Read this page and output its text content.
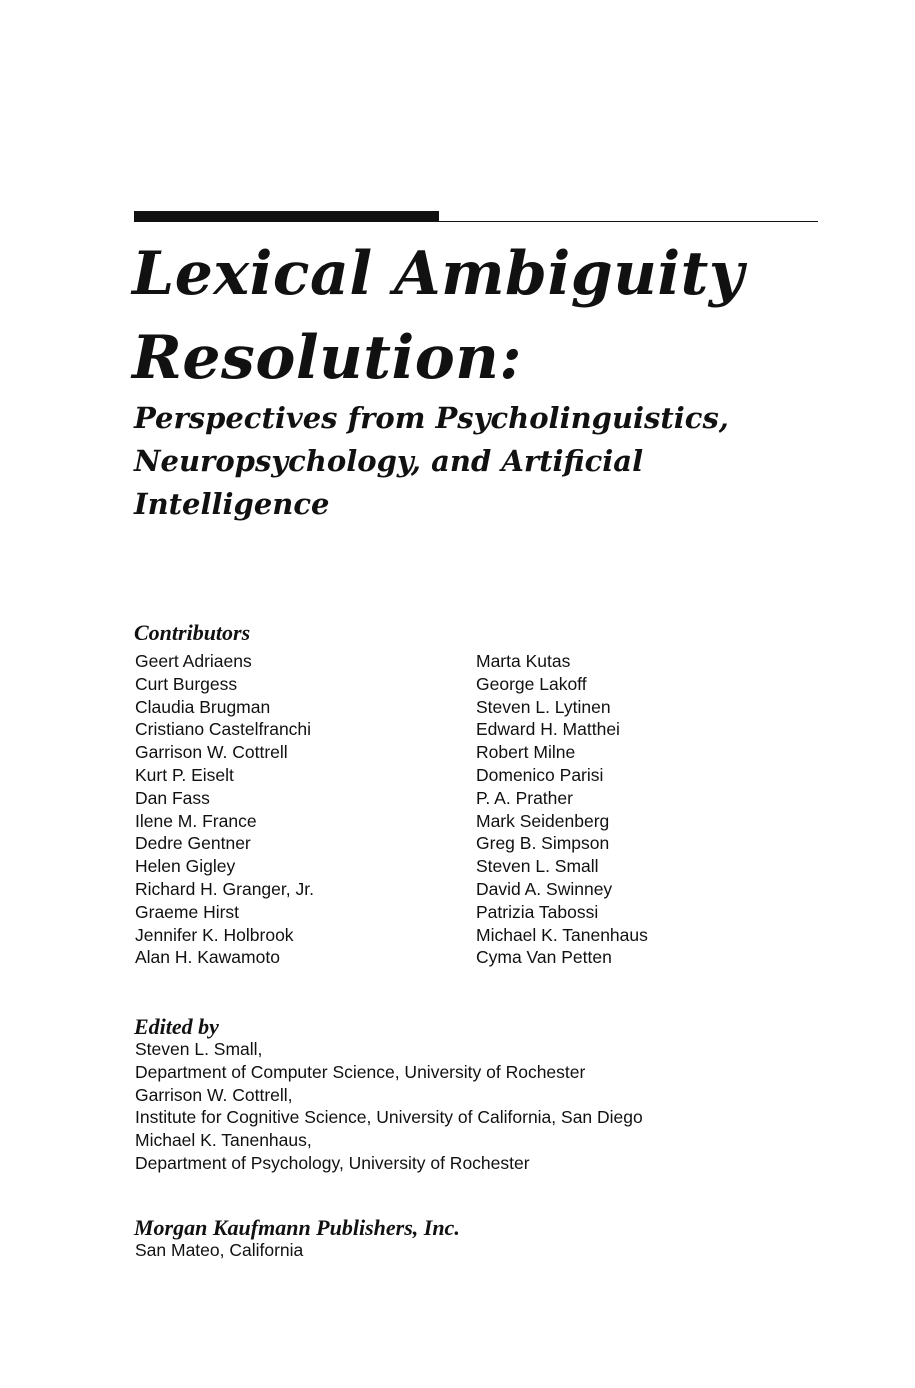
Lexical Ambiguity
Resolution:
Perspectives from Psycholinguistics,
Neuropsychology, and Artificial
Intelligence
Contributors
Geert Adriaens
Curt Burgess
Claudia Brugman
Cristiano Castelfranchi
Garrison W. Cottrell
Kurt P. Eiselt
Dan Fass
Ilene M. France
Dedre Gentner
Helen Gigley
Richard H. Granger, Jr.
Graeme Hirst
Jennifer K. Holbrook
Alan H. Kawamoto
Marta Kutas
George Lakoff
Steven L. Lytinen
Edward H. Matthei
Robert Milne
Domenico Parisi
P. A. Prather
Mark Seidenberg
Greg B. Simpson
Steven L. Small
David A. Swinney
Patrizia Tabossi
Michael K. Tanenhaus
Cyma Van Petten
Edited by
Steven L. Small,
Department of Computer Science, University of Rochester
Garrison W. Cottrell,
Institute for Cognitive Science, University of California, San Diego
Michael K. Tanenhaus,
Department of Psychology, University of Rochester
Morgan Kaufmann Publishers, Inc.
San Mateo, California
